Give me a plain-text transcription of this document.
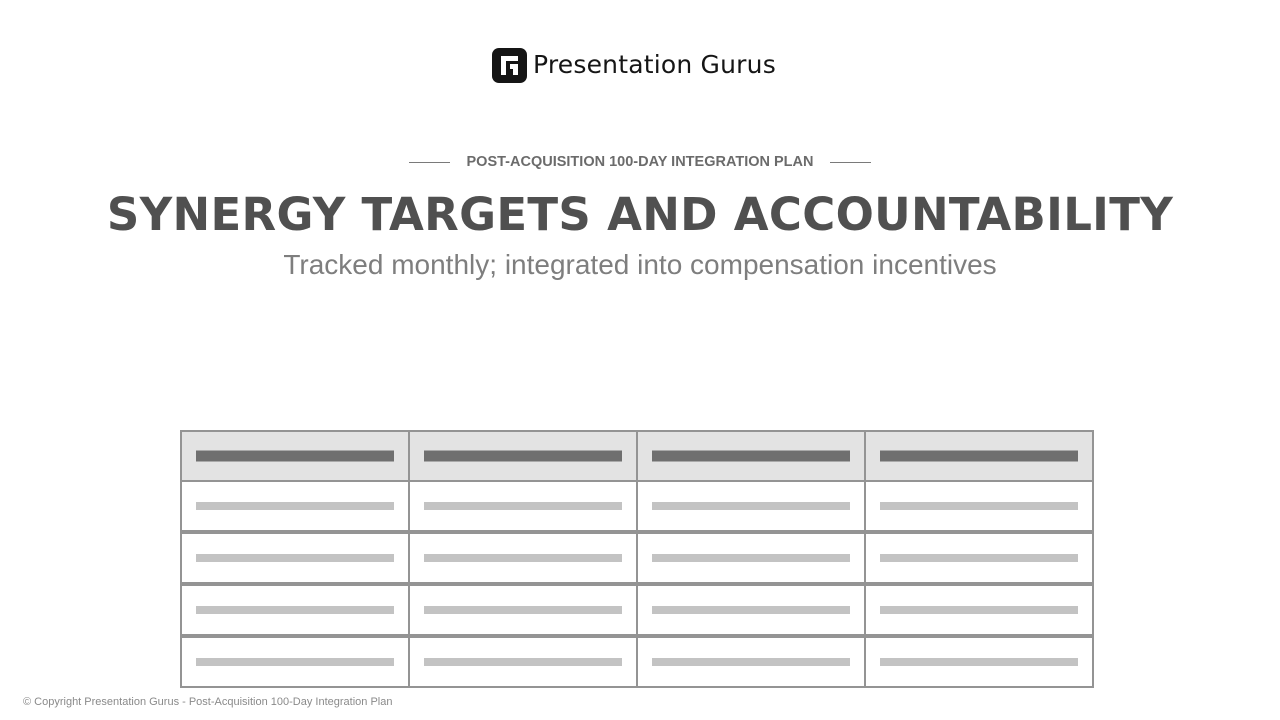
Presentation Gurus
POST-ACQUISITION 100-DAY INTEGRATION PLAN
SYNERGY TARGETS AND ACCOUNTABILITY
Tracked monthly; integrated into compensation incentives
© Copyright Presentation Gurus - Post-Acquisition 100-Day Integration Plan
